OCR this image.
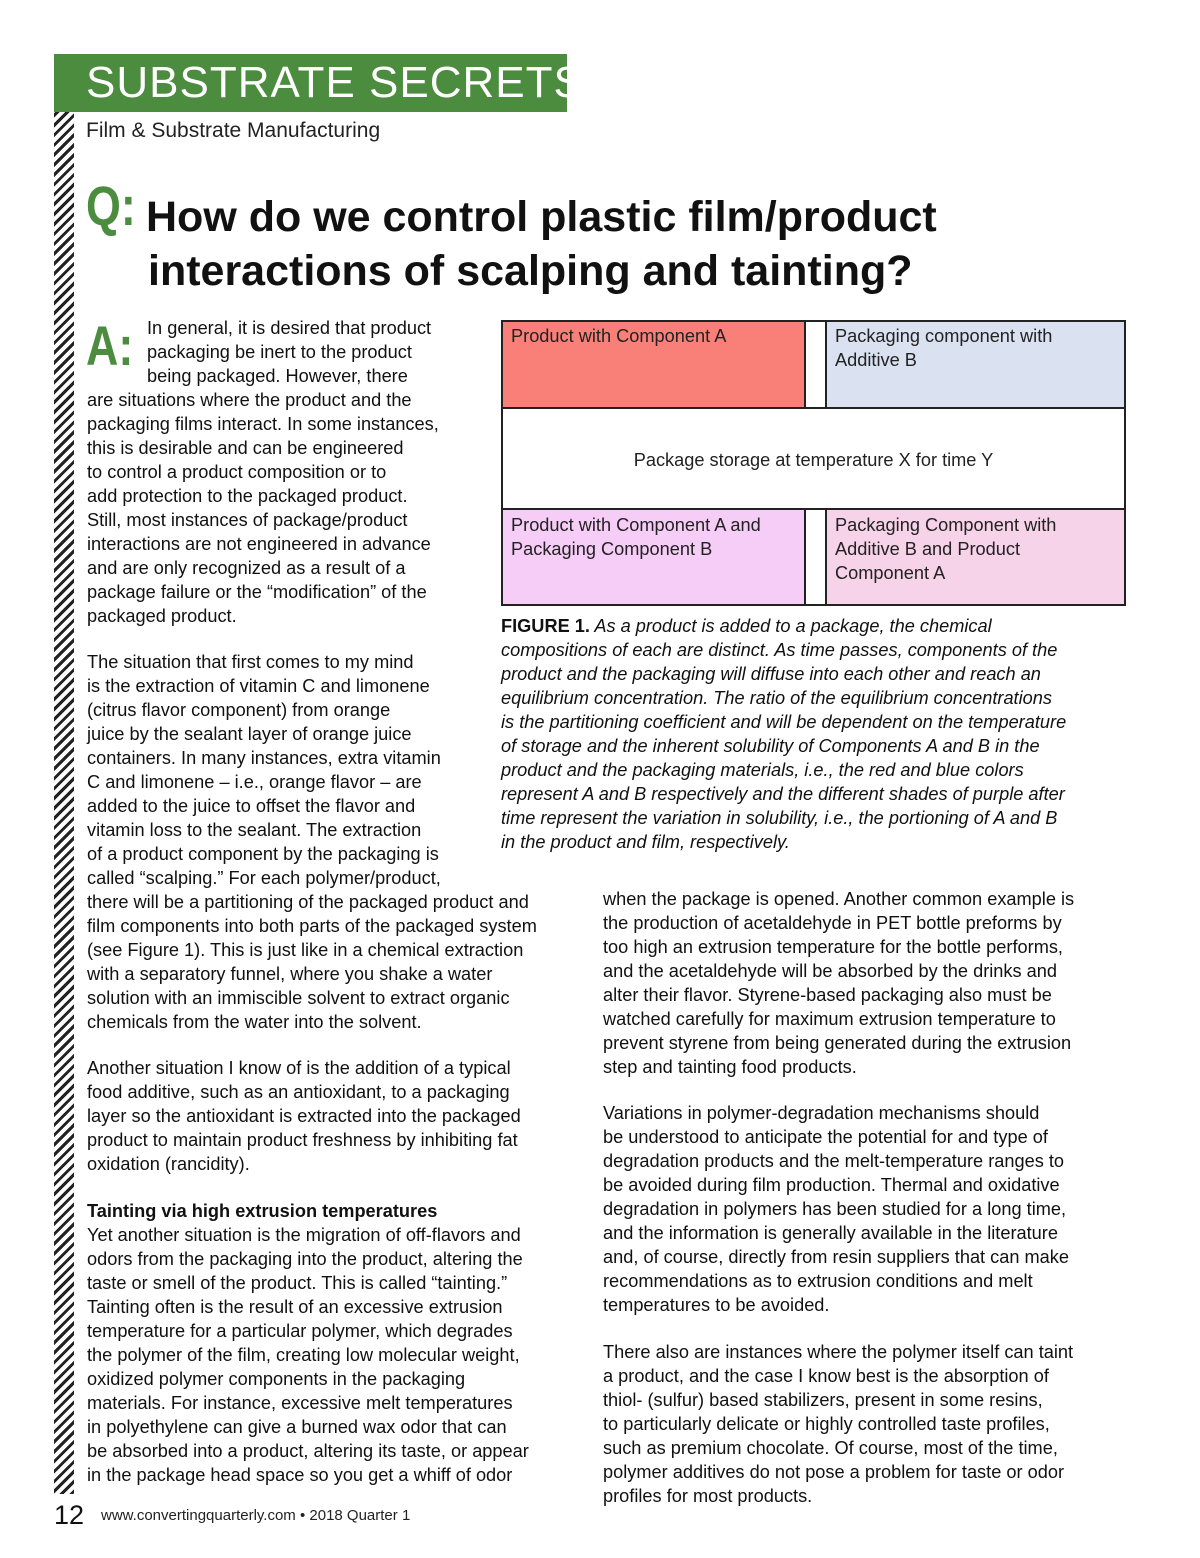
SUBSTRATE SECRETS
Film & Substrate Manufacturing
Q: How do we control plastic film/product
interactions of scalping and tainting?
A: In general, it is desired that product
packaging be inert to the product
being packaged. However, there
are situations where the product and the
packaging films interact. In some instances,
this is desirable and can be engineered
to control a product composition or to
add protection to the packaged product.
Still, most instances of package/product
interactions are not engineered in advance
and are only recognized as a result of a
package failure or the “modification” of the
packaged product.
The situation that first comes to my mind
is the extraction of vitamin C and limonene
(citrus flavor component) from orange
juice by the sealant layer of orange juice
containers. In many instances, extra vitamin
C and limonene – i.e., orange flavor – are
added to the juice to offset the flavor and
vitamin loss to the sealant. The extraction
of a product component by the packaging is
called “scalping.” For each polymer/product,
there will be a partitioning of the packaged product and
film components into both parts of the packaged system
(see Figure 1). This is just like in a chemical extraction
with a separatory funnel, where you shake a water
solution with an immiscible solvent to extract organic
chemicals from the water into the solvent.
Another situation I know of is the addition of a typical
food additive, such as an antioxidant, to a packaging
layer so the antioxidant is extracted into the packaged
product to maintain product freshness by inhibiting fat
oxidation (rancidity).
Tainting via high extrusion temperatures
Yet another situation is the migration of off-flavors and
odors from the packaging into the product, altering the
taste or smell of the product. This is called “tainting.”
Tainting often is the result of an excessive extrusion
temperature for a particular polymer, which degrades
the polymer of the film, creating low molecular weight,
oxidized polymer components in the packaging
materials. For instance, excessive melt temperatures
in polyethylene can give a burned wax odor that can
be absorbed into a product, altering its taste, or appear
in the package head space so you get a whiff of odor
Product with Component A	Packaging component with
Additive B
Package storage at temperature X for time Y
Product with Component A and
Packaging Component B
Packaging Component with
Additive B and Product
Component A
FIGURE 1. As a product is added to a package, the chemical
compositions of each are distinct. As time passes, components of the
product and the packaging will diffuse into each other and reach an
equilibrium concentration. The ratio of the equilibrium concentrations
is the partitioning coefficient and will be dependent on the temperature
of storage and the inherent solubility of Components A and B in the
product and the packaging materials, i.e., the red and blue colors
represent A and B respectively and the different shades of purple after
time represent the variation in solubility, i.e., the portioning of A and B
in the product and film, respectively.
when the package is opened. Another common example is
the production of acetaldehyde in PET bottle preforms by
too high an extrusion temperature for the bottle performs,
and the acetaldehyde will be absorbed by the drinks and
alter their flavor. Styrene-based packaging also must be
watched carefully for maximum extrusion temperature to
prevent styrene from being generated during the extrusion
step and tainting food products.
Variations in polymer-degradation mechanisms should
be understood to anticipate the potential for and type of
degradation products and the melt-temperature ranges to
be avoided during film production. Thermal and oxidative
degradation in polymers has been studied for a long time,
and the information is generally available in the literature
and, of course, directly from resin suppliers that can make
recommendations as to extrusion conditions and melt
temperatures to be avoided.
There also are instances where the polymer itself can taint
a product, and the case I know best is the absorption of
thiol- (sulfur) based stabilizers, present in some resins,
to particularly delicate or highly controlled taste profiles,
such as premium chocolate. Of course, most of the time,
polymer additives do not pose a problem for taste or odor
profiles for most products.
12 www.convertingquarterly.com • 2018 Quarter 1
